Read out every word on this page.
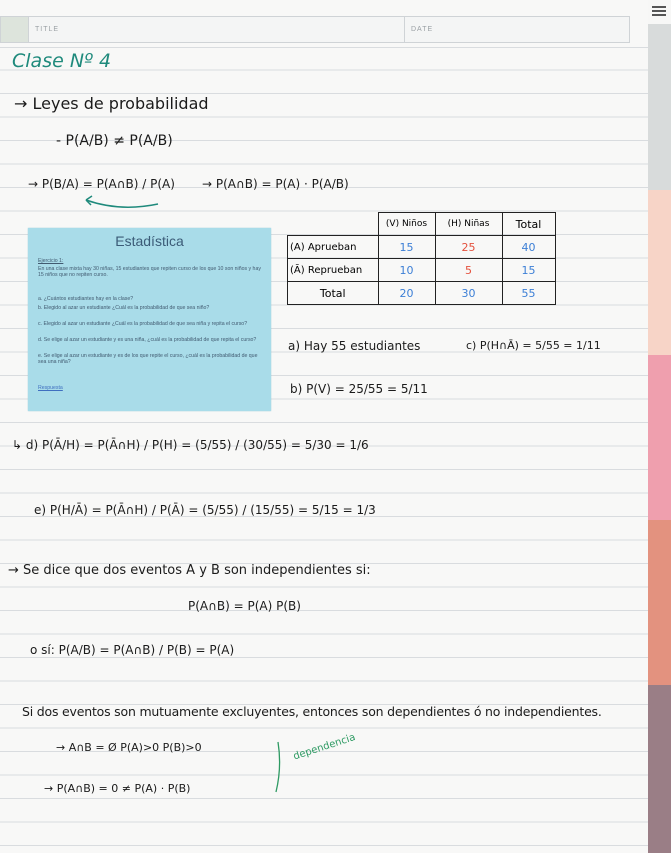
TITLE	DATE
Clase Nº 4
→ Leyes de probabilidad
- P(A/B) ≠ P(A/B)
→ P(B/A) = P(A∩B) / P(A) → P(A∩B) = P(A) · P(A/B)
Estadística
Ejercicio 1:
En una clase mixta hay 30 niñas, 15 estudiantes que repiten curso de los que 10 son niños y hay 15 niños que no repiten curso.
a. ¿Cuántos estudiantes hay en la clase?
b. Elegido al azar un estudiante ¿Cuál es la probabilidad de que sea niño?
c. Elegido al azar un estudiante ¿Cuál es la probabilidad de que sea niña y repita el curso?
d. Se elige al azar un estudiante y es una niña, ¿cuál es la probabilidad de que repita el curso?
e. Se elige al azar un estudiante y es de los que repite el curso, ¿cuál es la probabilidad de que sea una niña?
Respuesta
	(V) Niños	(H) Niñas	Total
(A) Aprueban	15	25	40
(Ā) Reprueban	10	5	15
Total	20	30	55
a) Hay 55 estudiantes	c) P(H∩Ā) = 5/55 = 1/11
b) P(V) = 25/55 = 5/11
↳ d) P(Ā/H) = P(Ā∩H) / P(H) = (5/55) / (30/55) = 5/30 = 1/6
e) P(H/Ā) = P(Ā∩H) / P(Ā) = (5/55) / (15/55) = 5/15 = 1/3
→ Se dice que dos eventos A y B son independientes si:
P(A∩B) = P(A) P(B)
o sí: P(A/B) = P(A∩B) / P(B) = P(A)
Si dos eventos son mutuamente excluyentes, entonces son dependientes ó no independientes.
→ A∩B = Ø P(A)>0 P(B)>0
→ P(A∩B) = 0 ≠ P(A) · P(B)
dependencia
